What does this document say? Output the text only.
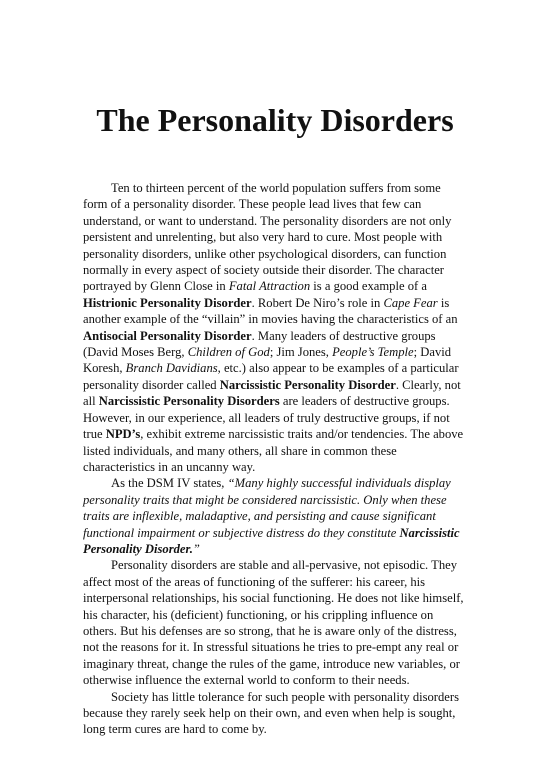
The Personality Disorders

Ten to thirteen percent of the world population suffers from some form of a personality disorder. These people lead lives that few can understand, or want to understand. The personality disorders are not only persistent and unrelenting, but also very hard to cure. Most people with personality disorders, unlike other psychological disorders, can function normally in every aspect of society outside their disorder. The character portrayed by Glenn Close in Fatal Attraction is a good example of a Histrionic Personality Disorder. Robert De Niro’s role in Cape Fear is another example of the “villain” in movies having the characteristics of an Antisocial Personality Disorder. Many leaders of destructive groups (David Moses Berg, Children of God; Jim Jones, People’s Temple; David Koresh, Branch Davidians, etc.) also appear to be examples of a particular personality disorder called Narcissistic Personality Disorder. Clearly, not all Narcissistic Personality Disorders are leaders of destructive groups. However, in our experience, all leaders of truly destructive groups, if not true NPD’s, exhibit extreme narcissistic traits and/or tendencies. The above listed individuals, and many others, all share in common these characteristics in an uncanny way.

As the DSM IV states, “Many highly successful individuals display personality traits that might be considered narcissistic. Only when these traits are inflexible, maladaptive, and persisting and cause significant functional impairment or subjective distress do they constitute Narcissistic Personality Disorder.”

Personality disorders are stable and all-pervasive, not episodic. They affect most of the areas of functioning of the sufferer: his career, his interpersonal relationships, his social functioning. He does not like himself, his character, his (deficient) functioning, or his crippling influence on others. But his defenses are so strong, that he is aware only of the distress, not the reasons for it. In stressful situations he tries to pre-empt any real or imaginary threat, change the rules of the game, introduce new variables, or otherwise influence the external world to conform to their needs.

Society has little tolerance for such people with personality disorders because they rarely seek help on their own, and even when help is sought, long term cures are hard to come by.
